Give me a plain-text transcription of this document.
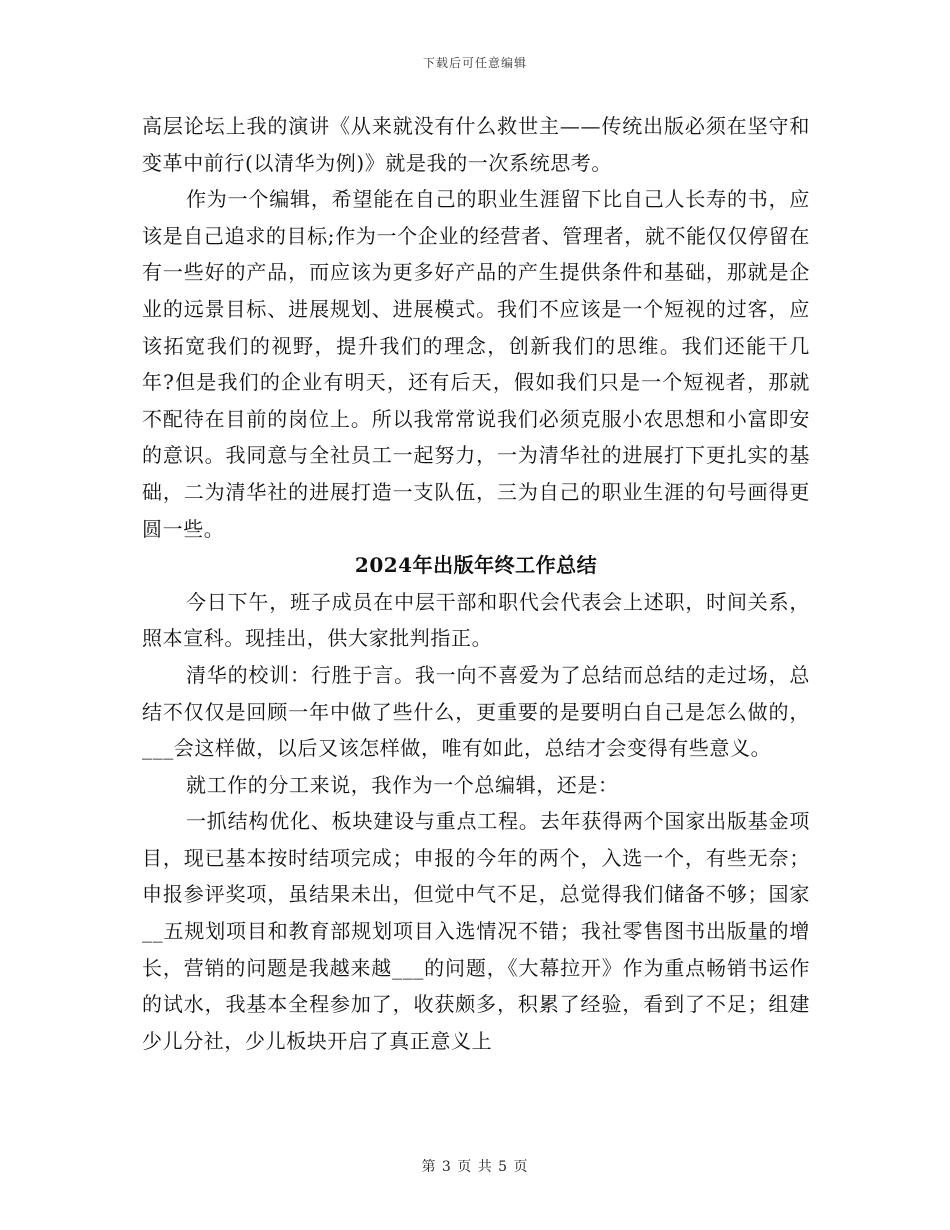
下载后可任意编辑

高层论坛上我的演讲《从来就没有什么救世主——传统出版必须在坚守和变革中前行(以清华为例)》就是我的一次系统思考。

作为一个编辑，希望能在自己的职业生涯留下比自己人长寿的书，应该是自己追求的目标;作为一个企业的经营者、管理者，就不能仅仅停留在有一些好的产品，而应该为更多好产品的产生提供条件和基础，那就是企业的远景目标、进展规划、进展模式。我们不应该是一个短视的过客，应该拓宽我们的视野，提升我们的理念，创新我们的思维。我们还能干几年?但是我们的企业有明天，还有后天，假如我们只是一个短视者，那就不配待在目前的岗位上。所以我常常说我们必须克服小农思想和小富即安的意识。我同意与全社员工一起努力，一为清华社的进展打下更扎实的基础，二为清华社的进展打造一支队伍，三为自己的职业生涯的句号画得更圆一些。

2024年出版年终工作总结

今日下午，班子成员在中层干部和职代会代表会上述职，时间关系，照本宣科。现挂出，供大家批判指正。

清华的校训：行胜于言。我一向不喜爱为了总结而总结的走过场，总结不仅仅是回顾一年中做了些什么，更重要的是要明白自己是怎么做的，___会这样做，以后又该怎样做，唯有如此，总结才会变得有些意义。

就工作的分工来说，我作为一个总编辑，还是：

一抓结构优化、板块建设与重点工程。去年获得两个国家出版基金项目，现已基本按时结项完成；申报的今年的两个，入选一个，有些无奈；申报参评奖项，虽结果未出，但觉中气不足，总觉得我们储备不够；国家__五规划项目和教育部规划项目入选情况不错；我社零售图书出版量的增长，营销的问题是我越来越___的问题，《大幕拉开》作为重点畅销书运作的试水，我基本全程参加了，收获颇多，积累了经验，看到了不足；组建少儿分社，少儿板块开启了真正意义上

第 3 页 共 5 页
